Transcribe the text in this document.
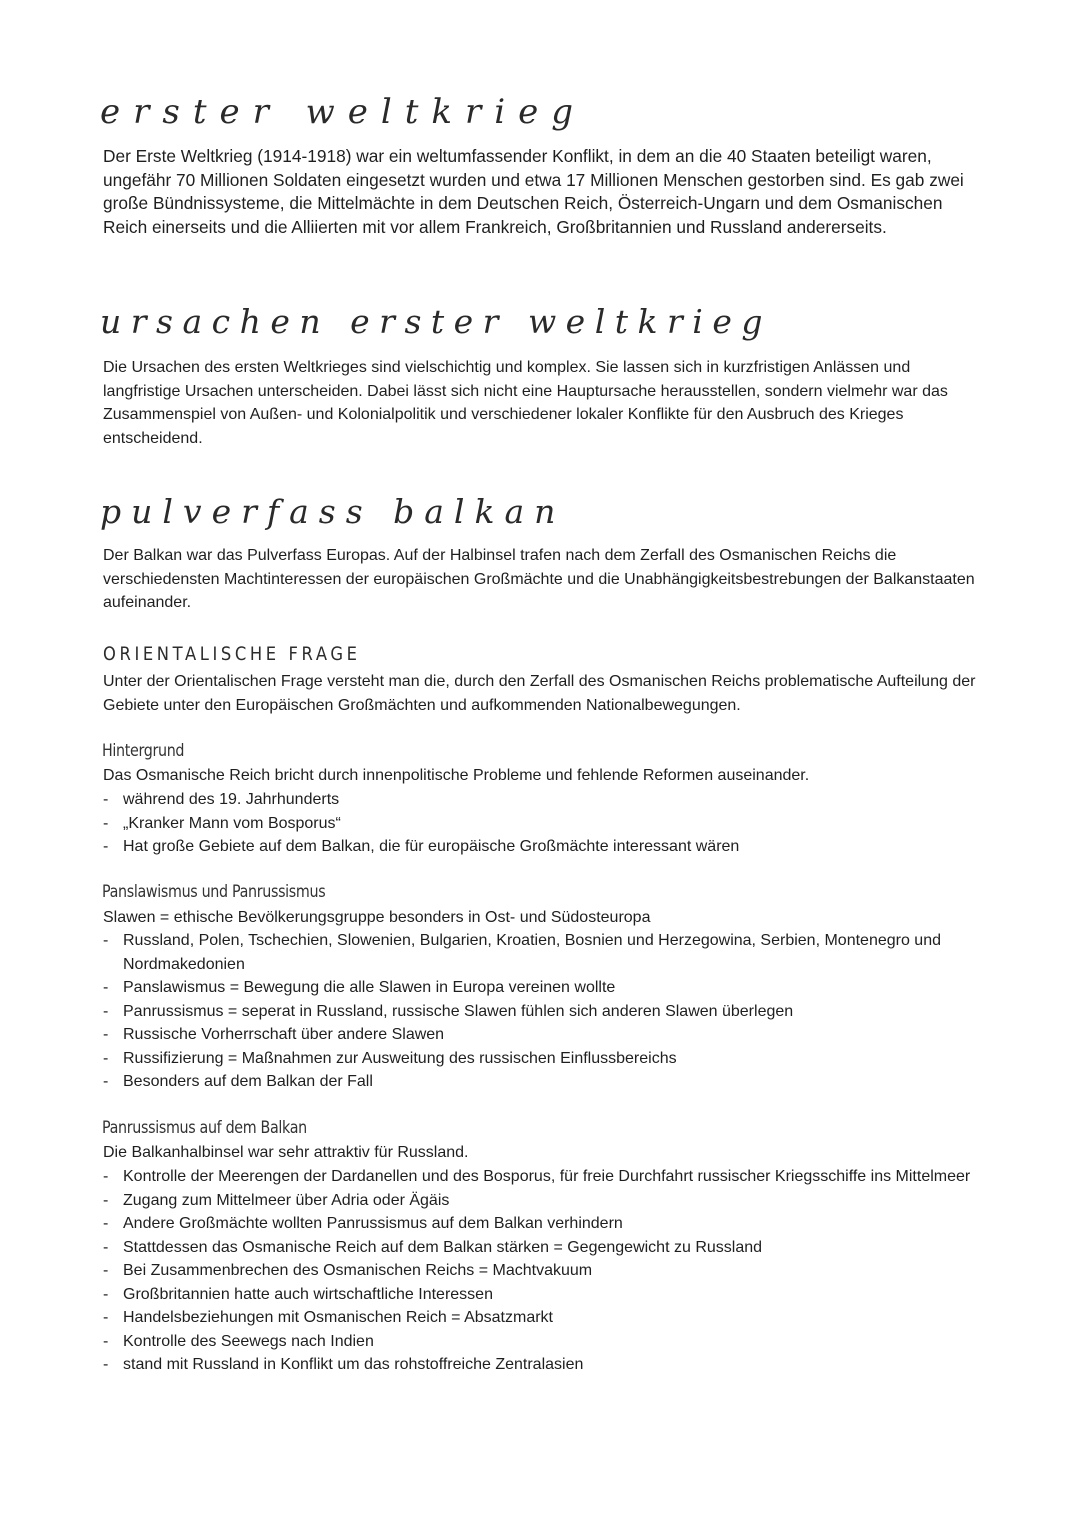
erster weltkrieg

Der Erste Weltkrieg (1914-1918) war ein weltumfassender Konflikt, in dem an die 40 Staaten beteiligt waren, ungefähr 70 Millionen Soldaten eingesetzt wurden und etwa 17 Millionen Menschen gestorben sind. Es gab zwei große Bündnissysteme, die Mittelmächte in dem Deutschen Reich, Österreich-Ungarn und dem Osmanischen Reich einerseits und die Alliierten mit vor allem Frankreich, Großbritannien und Russland andererseits.

ursachen erster weltkrieg

Die Ursachen des ersten Weltkrieges sind vielschichtig und komplex. Sie lassen sich in kurzfristigen Anlässen und langfristige Ursachen unterscheiden. Dabei lässt sich nicht eine Hauptursache herausstellen, sondern vielmehr war das Zusammenspiel von Außen- und Kolonialpolitik und verschiedener lokaler Konflikte für den Ausbruch des Krieges entscheidend.

pulverfass balkan

Der Balkan war das Pulverfass Europas. Auf der Halbinsel trafen nach dem Zerfall des Osmanischen Reichs die verschiedensten Machtinteressen der europäischen Großmächte und die Unabhängigkeitsbestrebungen der Balkanstaaten aufeinander.

ORIENTALISCHE FRAGE

Unter der Orientalischen Frage versteht man die, durch den Zerfall des Osmanischen Reichs problematische Aufteilung der Gebiete unter den Europäischen Großmächten und aufkommenden Nationalbewegungen.

Hintergrund

Das Osmanische Reich bricht durch innenpolitische Probleme und fehlende Reformen auseinander.

- während des 19. Jahrhunderts
- „Kranker Mann vom Bosporus“
- Hat große Gebiete auf dem Balkan, die für europäische Großmächte interessant wären
Panslawismus und Panrussismus

Slawen = ethische Bevölkerungsgruppe besonders in Ost- und Südosteuropa

- Russland, Polen, Tschechien, Slowenien, Bulgarien, Kroatien, Bosnien und Herzegowina, Serbien, Montenegro und Nordmakedonien
- Panslawismus = Bewegung die alle Slawen in Europa vereinen wollte
- Panrussismus = seperat in Russland, russische Slawen fühlen sich anderen Slawen überlegen
- Russische Vorherrschaft über andere Slawen
- Russifizierung = Maßnahmen zur Ausweitung des russischen Einflussbereichs
- Besonders auf dem Balkan der Fall
Panrussismus auf dem Balkan

Die Balkanhalbinsel war sehr attraktiv für Russland.

- Kontrolle der Meerengen der Dardanellen und des Bosporus, für freie Durchfahrt russischer Kriegsschiffe ins Mittelmeer
- Zugang zum Mittelmeer über Adria oder Ägäis
- Andere Großmächte wollten Panrussismus auf dem Balkan verhindern
- Stattdessen das Osmanische Reich auf dem Balkan stärken = Gegengewicht zu Russland
- Bei Zusammenbrechen des Osmanischen Reichs = Machtvakuum
- Großbritannien hatte auch wirtschaftliche Interessen
- Handelsbeziehungen mit Osmanischen Reich = Absatzmarkt
- Kontrolle des Seewegs nach Indien
- stand mit Russland in Konflikt um das rohstoffreiche Zentralasien
